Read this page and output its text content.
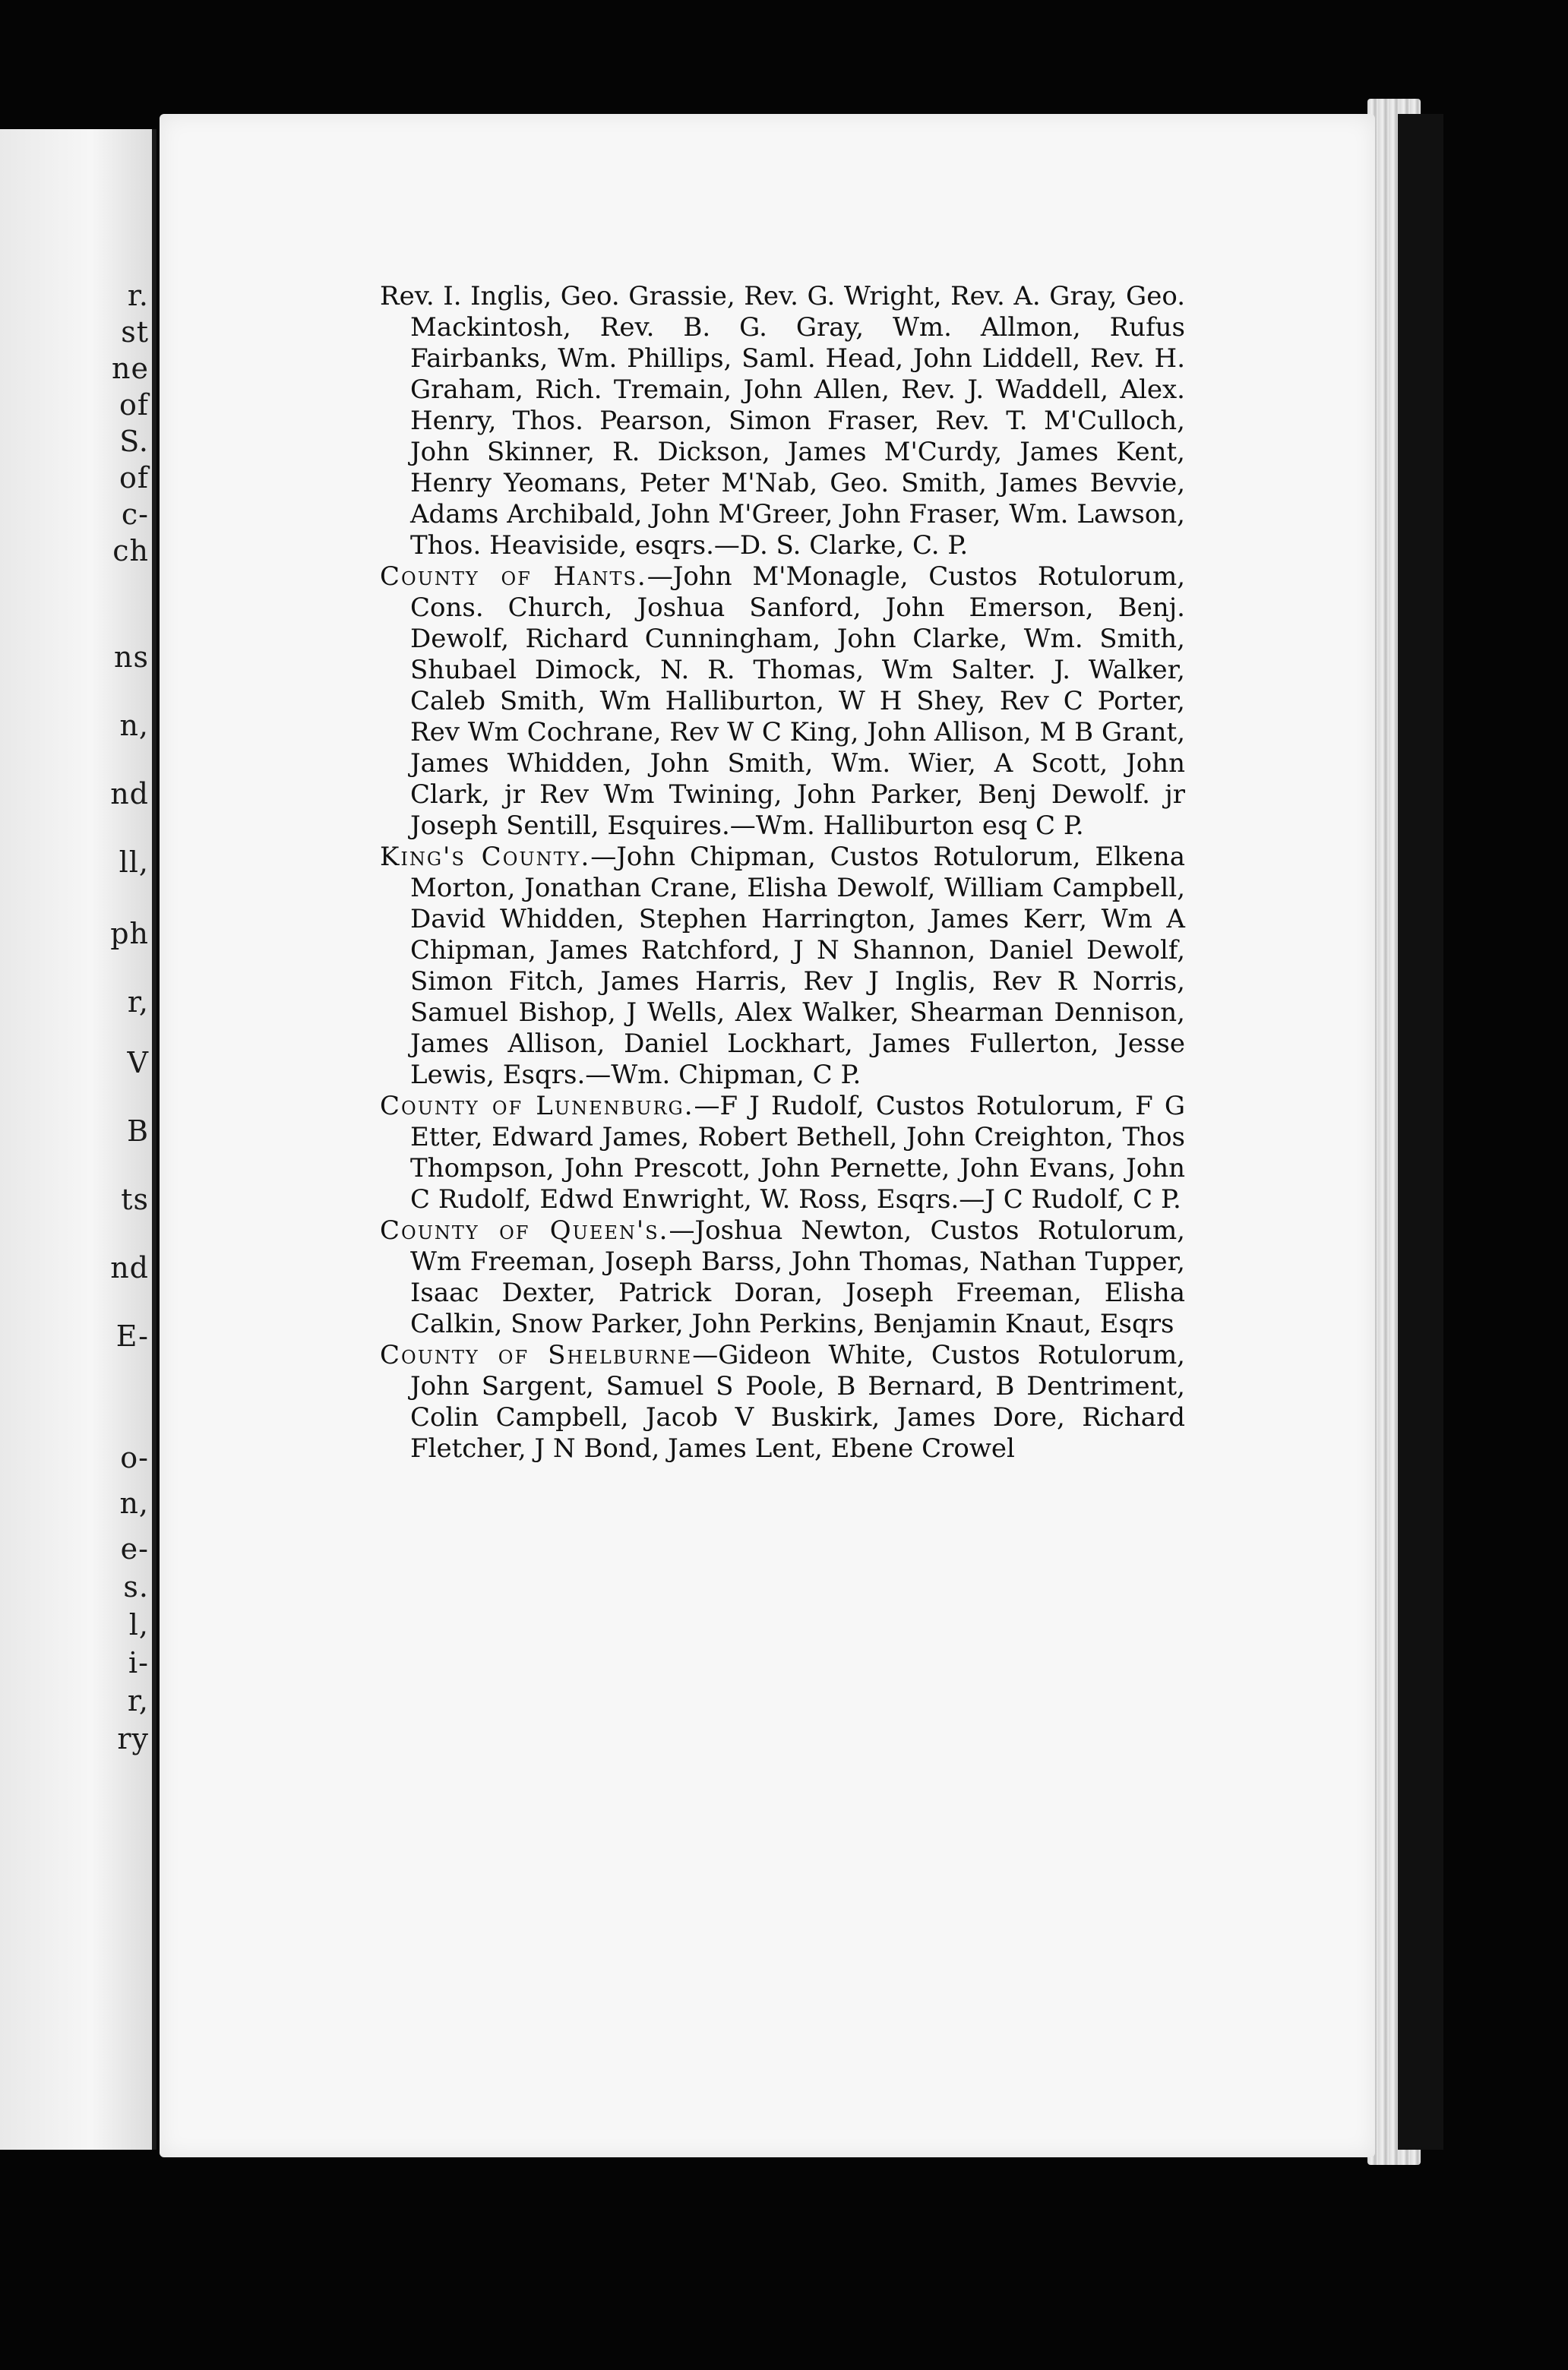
r.
st
ne
of
S.
of
c-
ch
ns
n,
nd
ll,
ph
r,
V
B
ts
nd
E-
o-
n,
e-
s.
l,
i-
r,
ry

Rev. I. Inglis, Geo. Grassie, Rev. G. Wright, Rev. A. Gray, Geo. Mackintosh, Rev. B. G. Gray, Wm. Allmon, Rufus Fairbanks, Wm. Phillips, Saml. Head, John Liddell, Rev. H. Graham, Rich. Tremain, John Allen, Rev. J. Waddell, Alex. Henry, Thos. Pearson, Simon Fraser, Rev. T. M'Culloch, John Skinner, R. Dickson, James M'Curdy, James Kent, Henry Yeomans, Peter M'Nab, Geo. Smith, James Bevvie, Adams Archibald, John M'Greer, John Fraser, Wm. Lawson, Thos. Heaviside, esqrs.—D. S. Clarke, C. P.

County of Hants.—John M'Monagle, Custos Rotulorum, Cons. Church, Joshua Sanford, John Emerson, Benj. Dewolf, Richard Cunningham, John Clarke, Wm. Smith, Shubael Dimock, N. R. Thomas, Wm Salter. J. Walker, Caleb Smith, Wm Halliburton, W H Shey, Rev C Porter, Rev Wm Cochrane, Rev W C King, John Allison, M B Grant, James Whidden, John Smith, Wm. Wier, A Scott, John Clark, jr Rev Wm Twining, John Parker, Benj Dewolf. jr Joseph Sentill, Esquires.—Wm. Halliburton esq C P.

King's County.—John Chipman, Custos Rotulorum, Elkena Morton, Jonathan Crane, Elisha Dewolf, William Campbell, David Whidden, Stephen Harrington, James Kerr, Wm A Chipman, James Ratchford, J N Shannon, Daniel Dewolf, Simon Fitch, James Harris, Rev J Inglis, Rev R Norris, Samuel Bishop, J Wells, Alex Walker, Shearman Dennison, James Allison, Daniel Lockhart, James Fullerton, Jesse Lewis, Esqrs.—Wm. Chipman, C P.

County of Lunenburg.—F J Rudolf, Custos Rotulorum, F G Etter, Edward James, Robert Bethell, John Creighton, Thos Thompson, John Prescott, John Pernette, John Evans, John C Rudolf, Edwd Enwright, W. Ross, Esqrs.—J C Rudolf, C P.

County of Queen's.—Joshua Newton, Custos Rotulorum, Wm Freeman, Joseph Barss, John Thomas, Nathan Tupper, Isaac Dexter, Patrick Doran, Joseph Freeman, Elisha Calkin, Snow Parker, John Perkins, Benjamin Knaut, Esqrs

County of Shelburne—Gideon White, Custos Rotulorum, John Sargent, Samuel S Poole, B Bernard, B Dentriment, Colin Campbell, Jacob V Buskirk, James Dore, Richard Fletcher, J N Bond, James Lent, Ebene Crowel
